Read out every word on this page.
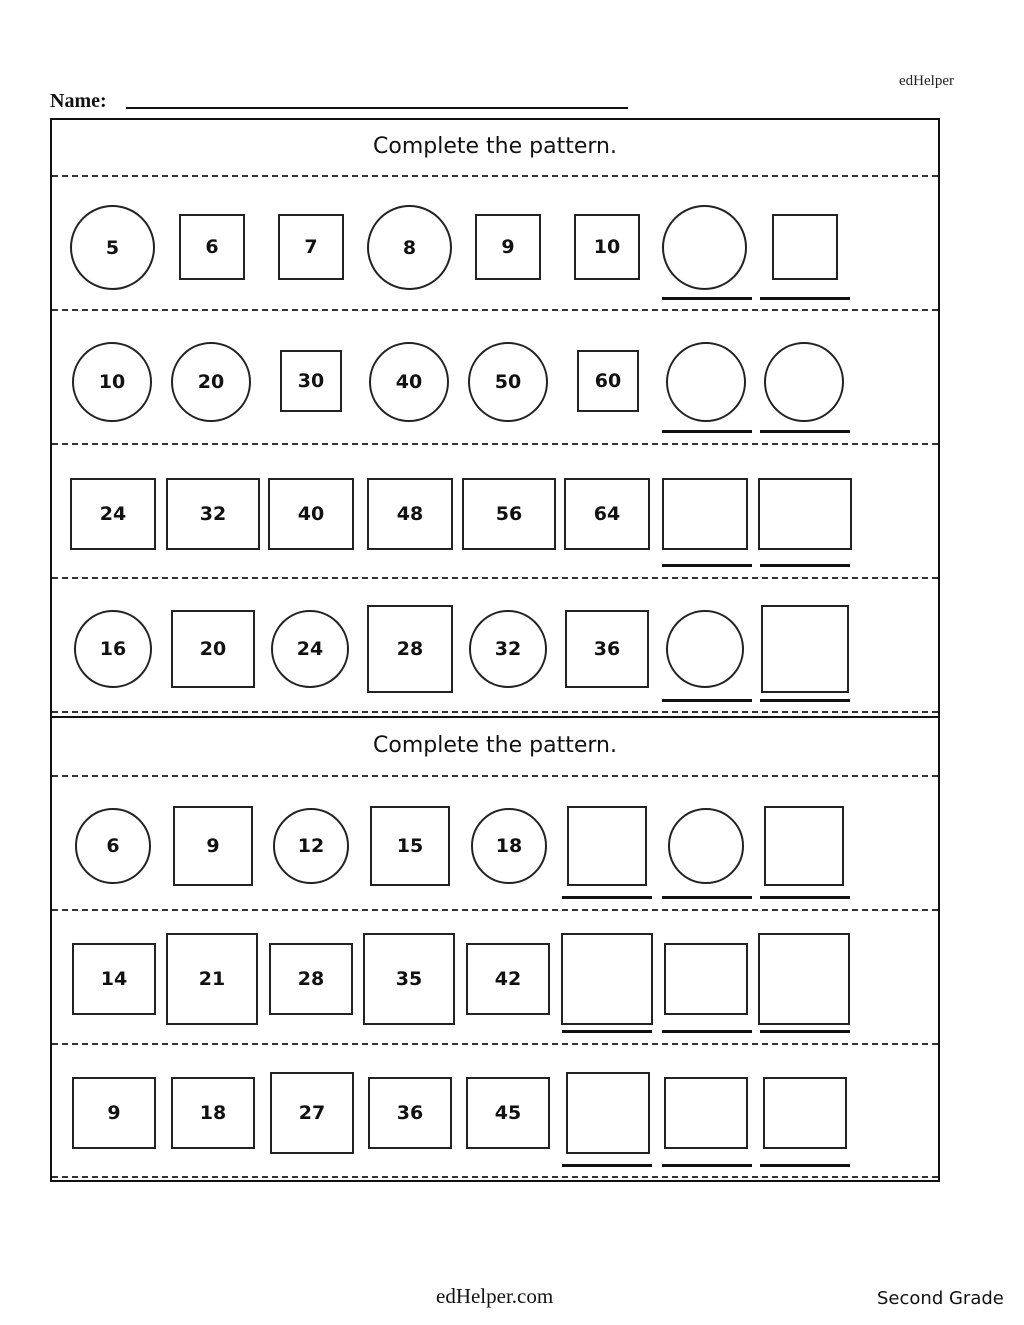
edHelper
Name:
Complete the pattern.
5	6	7	8	9	10
10	20	30	40	50	60
24	32	40	48	56	64
16	20	24	28	32	36
Complete the pattern.
6	9	12	15	18
14	21	28	35	42
9	18	27	36	45
edHelper.com	Second Grade
